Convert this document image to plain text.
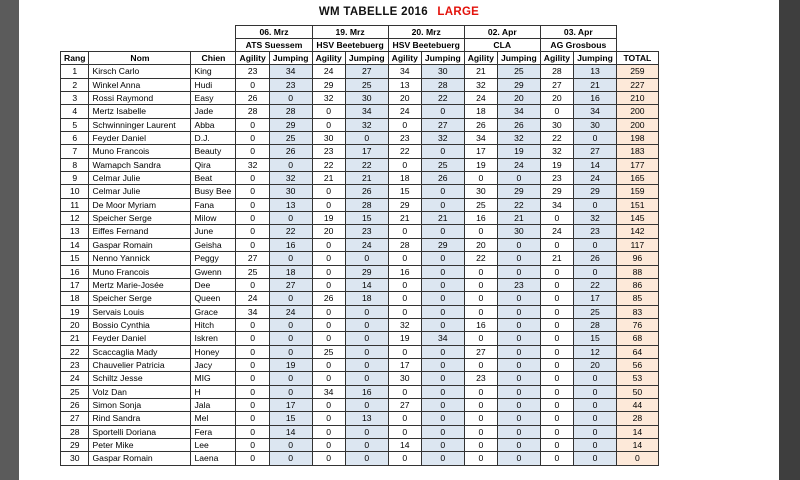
WM TABELLE 2016 LARGE
			06. Mrz		19. Mrz		20. Mrz		02. Apr		03. Apr		
			ATS Suessem		HSV Beetebuerg		HSV Beetebuerg		CLA		AG Grosbous		
Rang	Nom	Chien	Agility	Jumping	Agility	Jumping	Agility	Jumping	Agility	Jumping	Agility	Jumping	TOTAL
1	Kirsch Carlo	King	23	34	24	27	34	30	21	25	28	13	259
2	Winkel Anna	Hudi	0	23	29	25	13	28	32	29	27	21	227
3	Rossi Raymond	Easy	26	0	32	30	20	22	24	20	20	16	210
4	Mertz Isabelle	Jade	28	28	0	34	24	0	18	34	0	34	200
5	Schwinninger Laurent	Abba	0	29	0	32	0	27	26	26	30	30	200
6	Feyder Daniel	D.J.	0	25	30	0	23	32	34	32	22	0	198
7	Muno Francois	Beauty	0	26	23	17	22	0	17	19	32	27	183
8	Wamapch Sandra	Qira	32	0	22	22	0	25	19	24	19	14	177
9	Celmar Julie	Beat	0	32	21	21	18	26	0	0	23	24	165
10	Celmar Julie	Busy Bee	0	30	0	26	15	0	30	29	29	29	159
11	De Moor Myriam	Fana	0	13	0	28	29	0	25	22	34	0	151
12	Speicher Serge	Milow	0	0	19	15	21	21	16	21	0	32	145
13	Eiffes Fernand	June	0	22	20	23	0	0	0	30	24	23	142
14	Gaspar Romain	Geisha	0	16	0	24	28	29	20	0	0	0	117
15	Nenno Yannick	Peggy	27	0	0	0	0	0	22	0	21	26	96
16	Muno Francois	Gwenn	25	18	0	29	16	0	0	0	0	0	88
17	Mertz Marie-Josée	Dee	0	27	0	14	0	0	0	23	0	22	86
18	Speicher Serge	Queen	24	0	26	18	0	0	0	0	0	17	85
19	Servais Louis	Grace	34	24	0	0	0	0	0	0	0	25	83
20	Bossio Cynthia	Hitch	0	0	0	0	32	0	16	0	0	28	76
21	Feyder Daniel	Iskren	0	0	0	0	19	34	0	0	0	15	68
22	Scaccaglia Mady	Honey	0	0	25	0	0	0	27	0	0	12	64
23	Chauvelier Patricia	Jacy	0	19	0	0	17	0	0	0	0	20	56
24	Schiltz Jesse	MIG	0	0	0	0	30	0	23	0	0	0	53
25	Volz Dan	H	0	0	34	16	0	0	0	0	0	0	50
26	Simon Sonja	Jala	0	17	0	0	27	0	0	0	0	0	44
27	Rind Sandra	Mel	0	15	0	13	0	0	0	0	0	0	28
28	Sportelli Doriana	Fera	0	14	0	0	0	0	0	0	0	0	14
29	Peter Mike	Lee	0	0	0	0	14	0	0	0	0	0	14
30	Gaspar Romain	Laena	0	0	0	0	0	0	0	0	0	0	0
